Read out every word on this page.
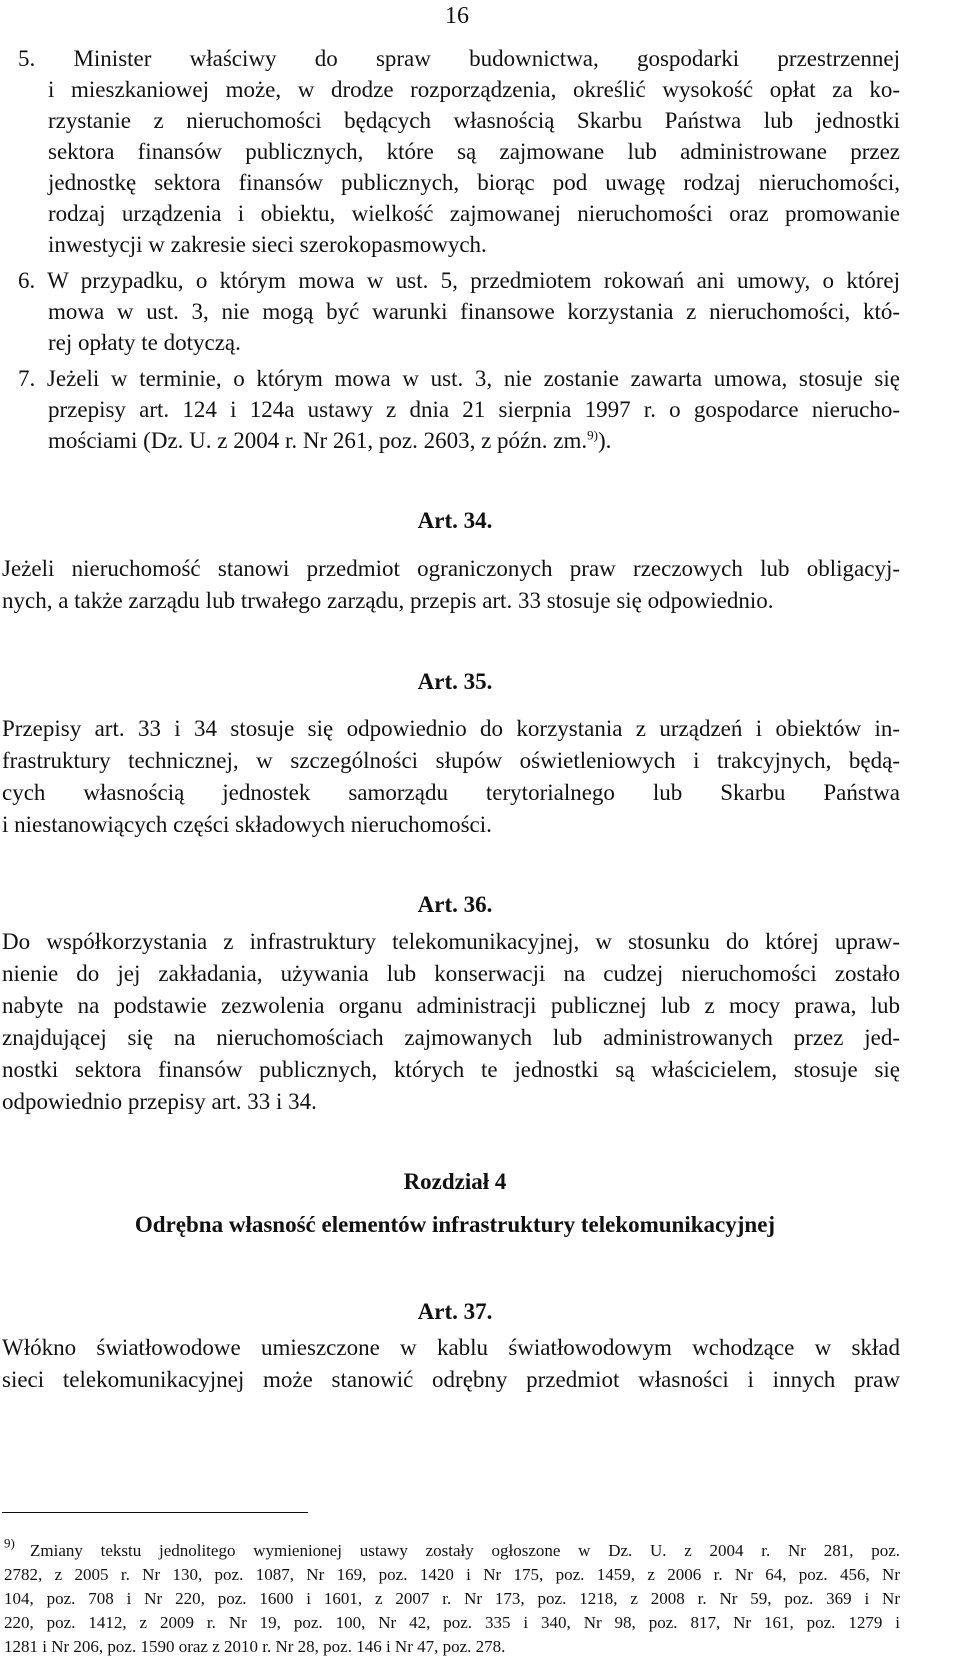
16
5. Minister właściwy do spraw budownictwa, gospodarki przestrzennej
i mieszkaniowej może, w drodze rozporządzenia, określić wysokość opłat za ko-
rzystanie z nieruchomości będących własnością Skarbu Państwa lub jednostki
sektora finansów publicznych, które są zajmowane lub administrowane przez
jednostkę sektora finansów publicznych, biorąc pod uwagę rodzaj nieruchomości,
rodzaj urządzenia i obiektu, wielkość zajmowanej nieruchomości oraz promowanie
inwestycji w zakresie sieci szerokopasmowych.
6. W przypadku, o którym mowa w ust. 5, przedmiotem rokowań ani umowy, o której
mowa w ust. 3, nie mogą być warunki finansowe korzystania z nieruchomości, któ-
rej opłaty te dotyczą.
7. Jeżeli w terminie, o którym mowa w ust. 3, nie zostanie zawarta umowa, stosuje się
przepisy art. 124 i 124a ustawy z dnia 21 sierpnia 1997 r. o gospodarce nierucho-
mościami (Dz. U. z 2004 r. Nr 261, poz. 2603, z późn. zm.$^{9)}$).
Art. 34.
Jeżeli nieruchomość stanowi przedmiot ograniczonych praw rzeczowych lub obligacyj-
nych, a także zarządu lub trwałego zarządu, przepis art. 33 stosuje się odpowiednio.
Art. 35.
Przepisy art. 33 i 34 stosuje się odpowiednio do korzystania z urządzeń i obiektów in-
frastruktury technicznej, w szczególności słupów oświetleniowych i trakcyjnych, będą-
cych własnością jednostek samorządu terytorialnego lub Skarbu Państwa
i niestanowiących części składowych nieruchomości.
Art. 36.
Do współkorzystania z infrastruktury telekomunikacyjnej, w stosunku do której upraw-
nienie do jej zakładania, używania lub konserwacji na cudzej nieruchomości zostało
nabyte na podstawie zezwolenia organu administracji publicznej lub z mocy prawa, lub
znajdującej się na nieruchomościach zajmowanych lub administrowanych przez jed-
nostki sektora finansów publicznych, których te jednostki są właścicielem, stosuje się
odpowiednio przepisy art. 33 i 34.
Rozdział 4
Odrębna własność elementów infrastruktury telekomunikacyjnej
Art. 37.
Włókno światłowodowe umieszczone w kablu światłowodowym wchodzące w skład
sieci telekomunikacyjnej może stanowić odrębny przedmiot własności i innych praw
$^{9)}$ Zmiany tekstu jednolitego wymienionej ustawy zostały ogłoszone w Dz. U. z 2004 r. Nr 281, poz.
2782, z 2005 r. Nr 130, poz. 1087, Nr 169, poz. 1420 i Nr 175, poz. 1459, z 2006 r. Nr 64, poz. 456, Nr
104, poz. 708 i Nr 220, poz. 1600 i 1601, z 2007 r. Nr 173, poz. 1218, z 2008 r. Nr 59, poz. 369 i Nr
220, poz. 1412, z 2009 r. Nr 19, poz. 100, Nr 42, poz. 335 i 340, Nr 98, poz. 817, Nr 161, poz. 1279 i
1281 i Nr 206, poz. 1590 oraz z 2010 r. Nr 28, poz. 146 i Nr 47, poz. 278.
